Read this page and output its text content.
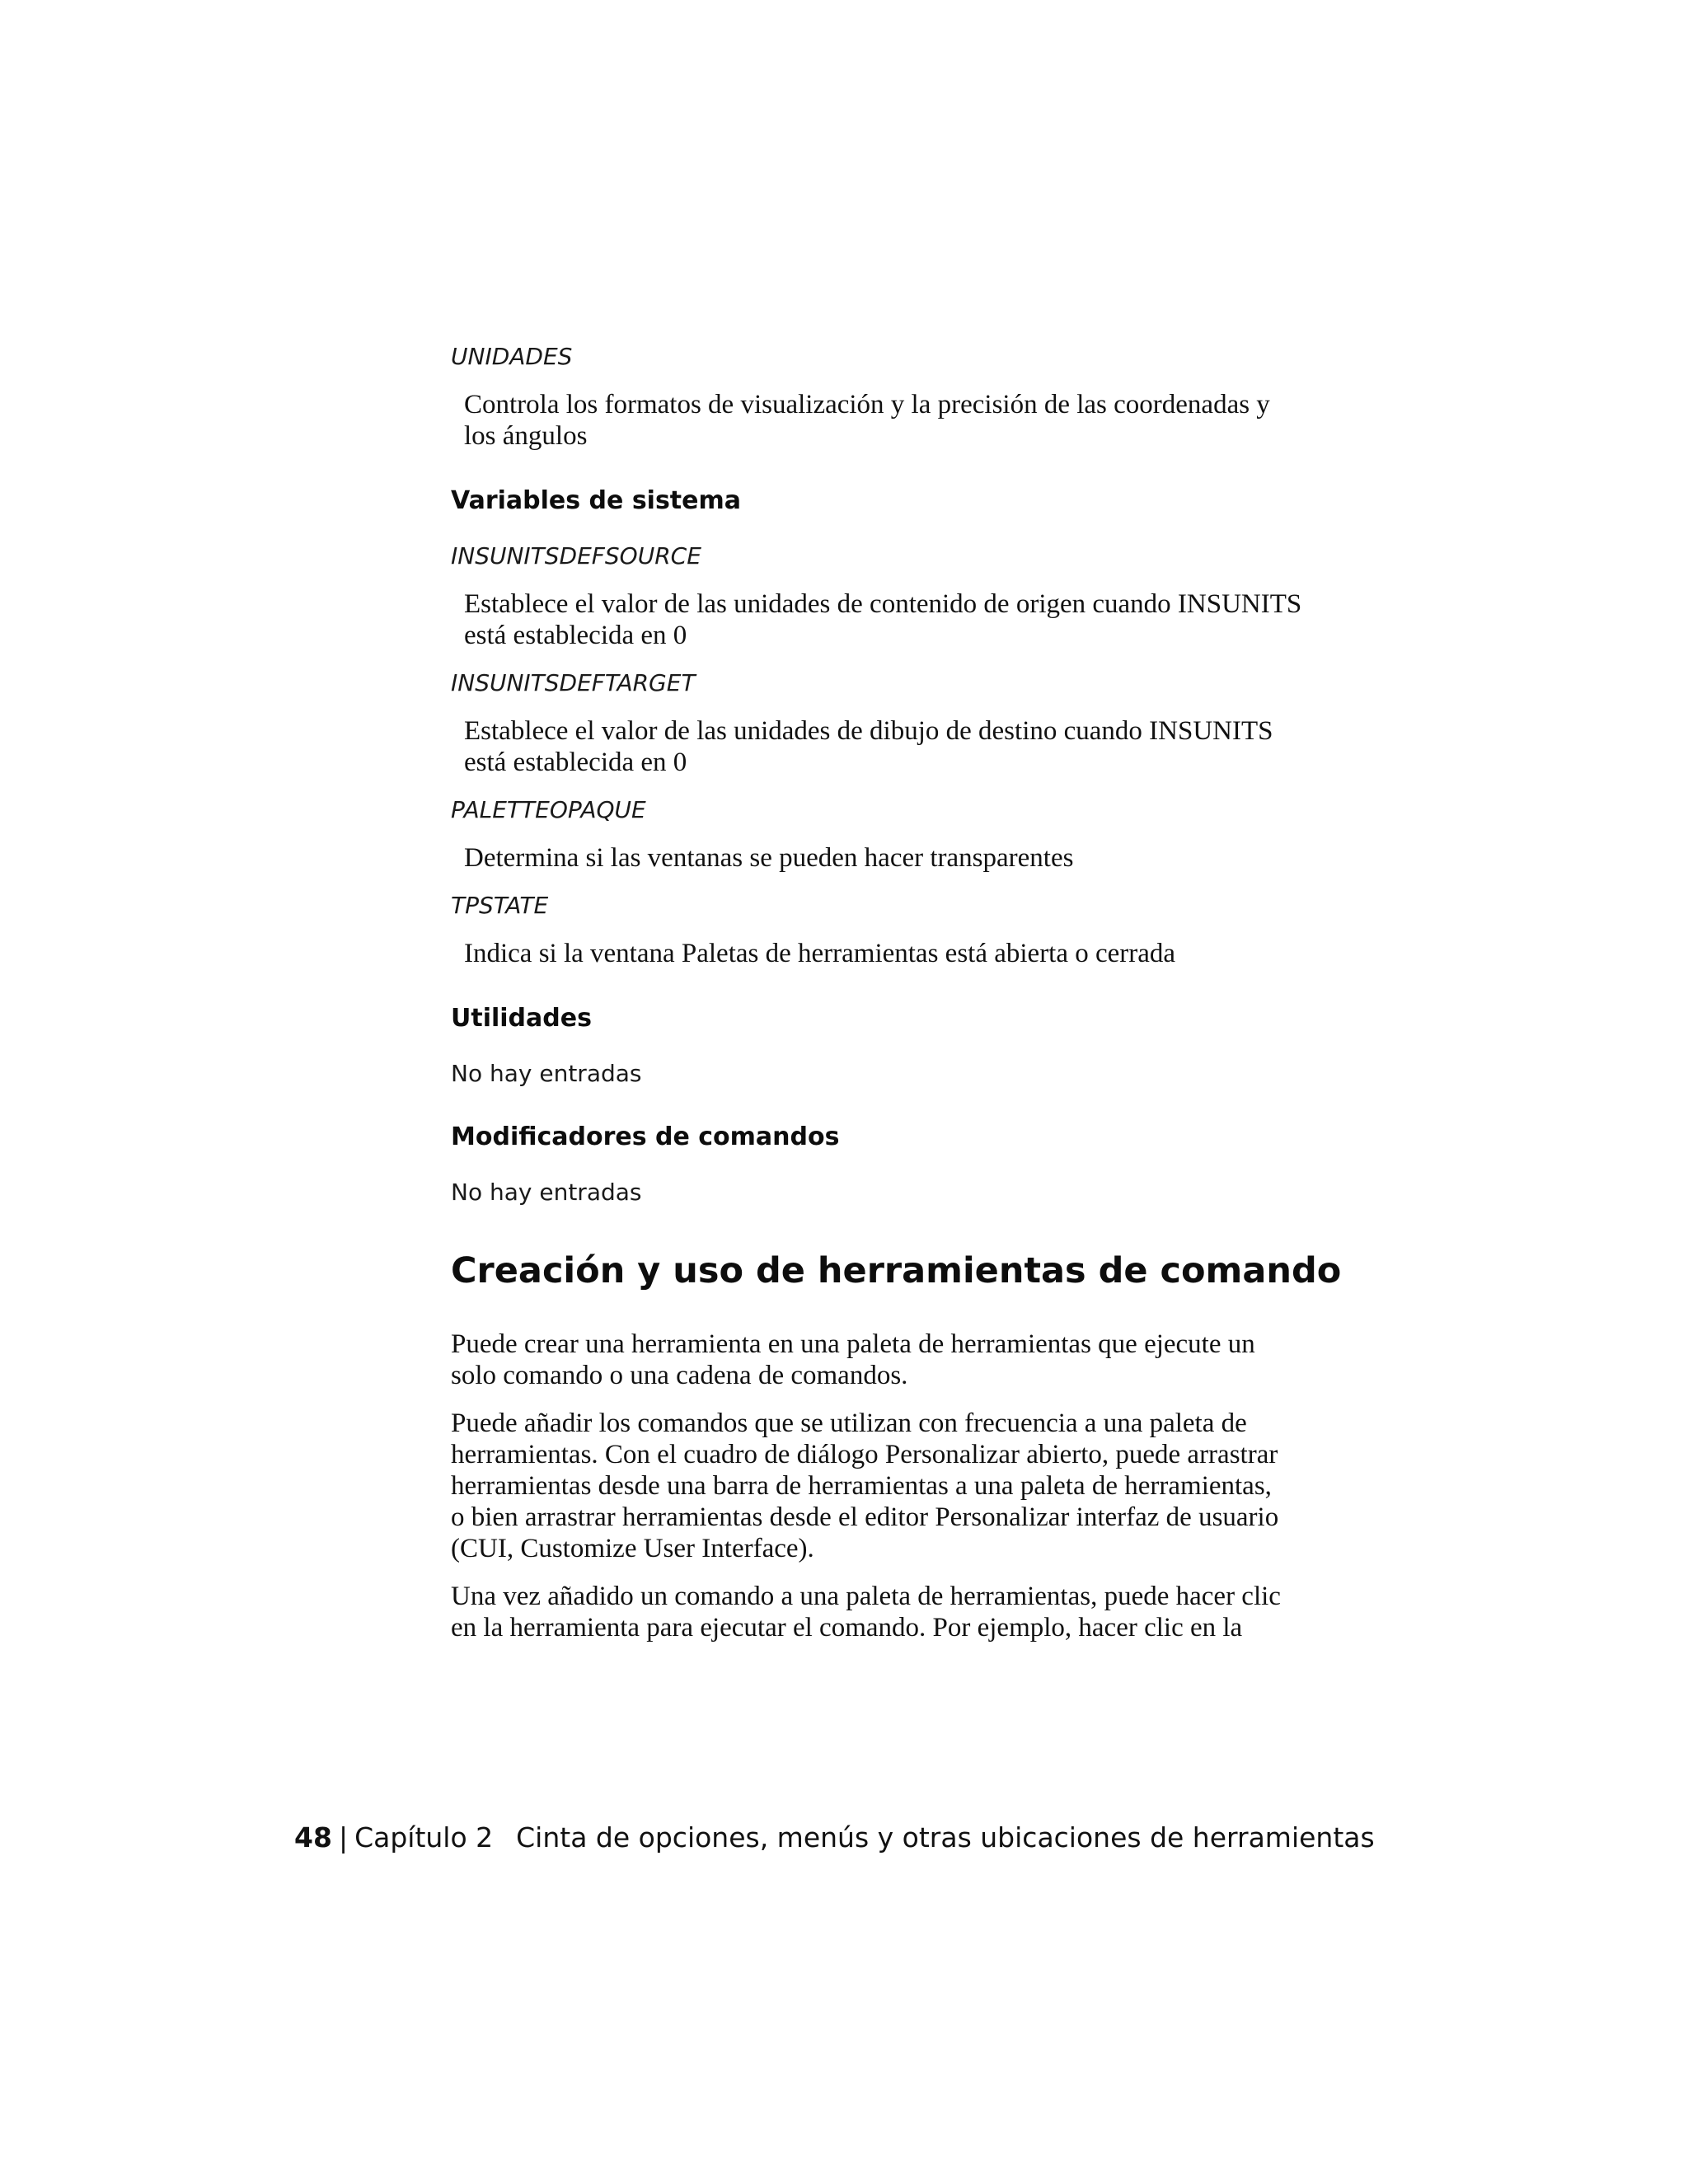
UNIDADES

Controla los formatos de visualización y la precisión de las coordenadas y
los ángulos

Variables de sistema

INSUNITSDEFSOURCE

Establece el valor de las unidades de contenido de origen cuando INSUNITS
está establecida en 0

INSUNITSDEFTARGET

Establece el valor de las unidades de dibujo de destino cuando INSUNITS
está establecida en 0

PALETTEOPAQUE

Determina si las ventanas se pueden hacer transparentes

TPSTATE

Indica si la ventana Paletas de herramientas está abierta o cerrada

Utilidades

No hay entradas

Modificadores de comandos

No hay entradas

Creación y uso de herramientas de comando

Puede crear una herramienta en una paleta de herramientas que ejecute un
solo comando o una cadena de comandos.

Puede añadir los comandos que se utilizan con frecuencia a una paleta de
herramientas. Con el cuadro de diálogo Personalizar abierto, puede arrastrar
herramientas desde una barra de herramientas a una paleta de herramientas,
o bien arrastrar herramientas desde el editor Personalizar interfaz de usuario
(CUI, Customize User Interface).

Una vez añadido un comando a una paleta de herramientas, puede hacer clic
en la herramienta para ejecutar el comando. Por ejemplo, hacer clic en la

48 | Capítulo 2 Cinta de opciones, menús y otras ubicaciones de herramientas
